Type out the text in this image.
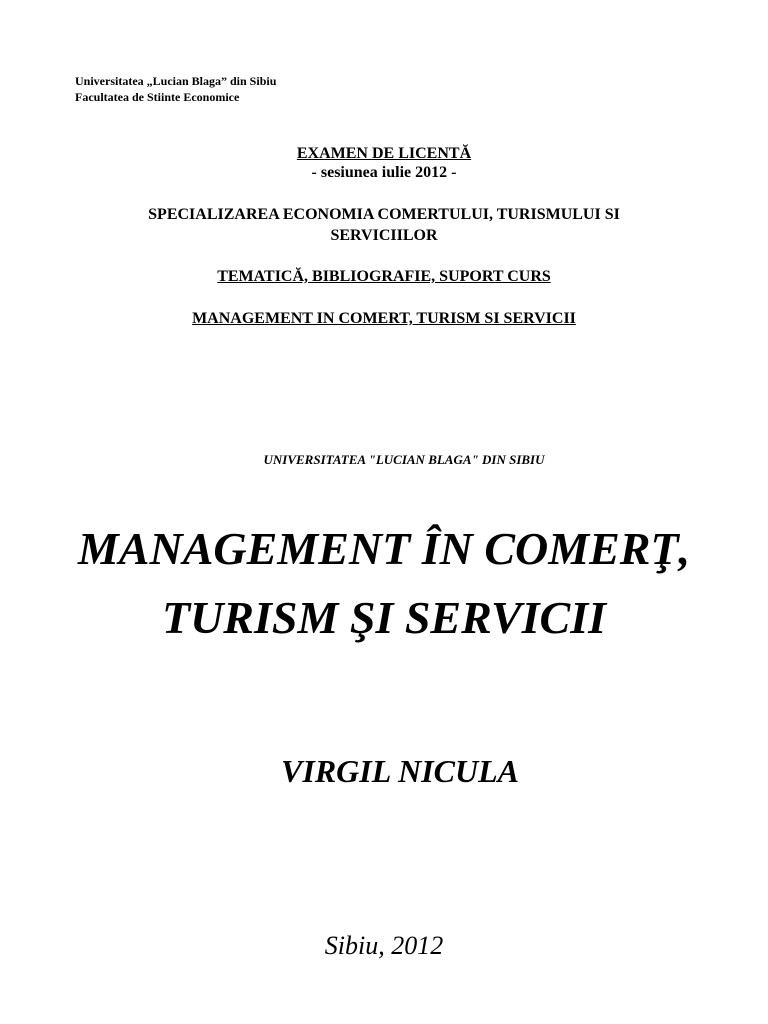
Universitatea „Lucian Blaga” din Sibiu
Facultatea de Stiinte Economice
EXAMEN DE LICENTĂ
- sesiunea iulie 2012 -
SPECIALIZAREA ECONOMIA COMERTULUI, TURISMULUI SI
SERVICIILOR
TEMATICĂ, BIBLIOGRAFIE, SUPORT CURS
MANAGEMENT IN COMERT, TURISM SI SERVICII
UNIVERSITATEA "LUCIAN BLAGA" DIN SIBIU
MANAGEMENT ÎN COMERŢ,
TURISM ŞI SERVICII
VIRGIL NICULA
Sibiu, 2012
